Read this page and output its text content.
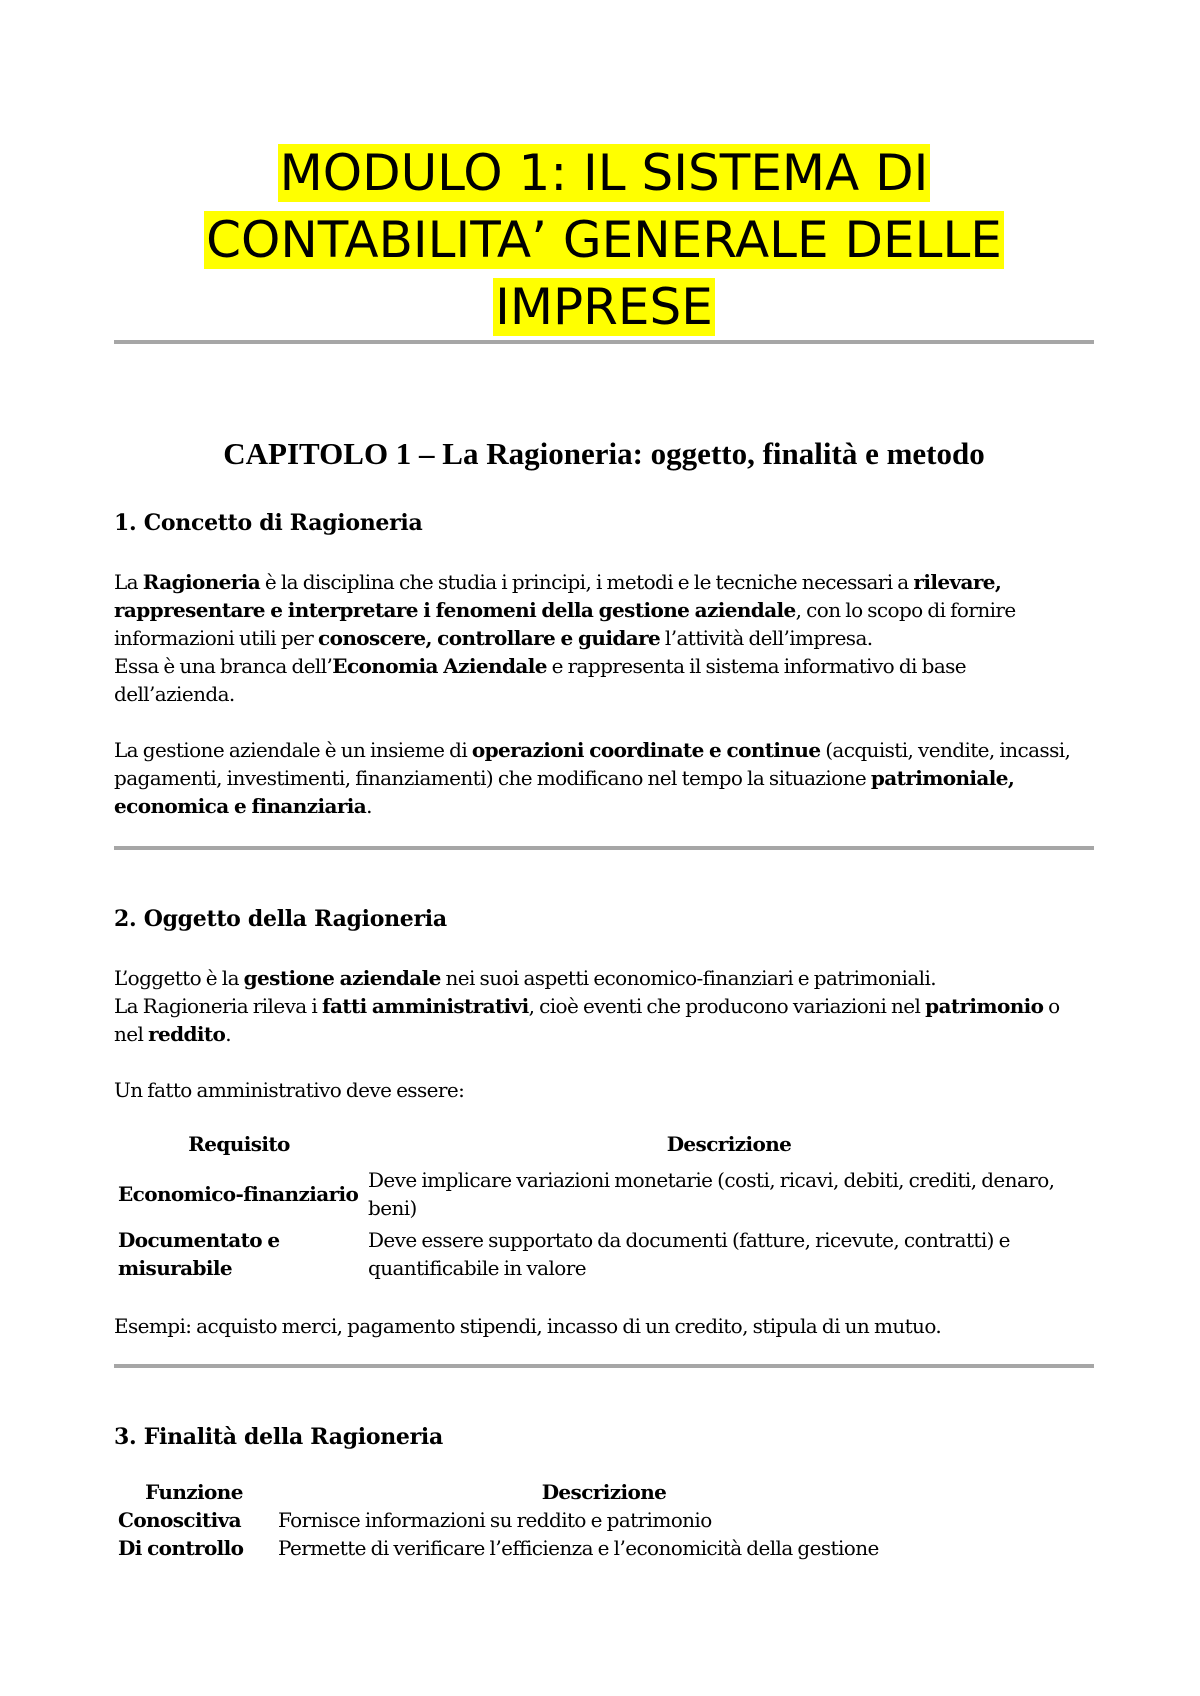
MODULO 1: IL SISTEMA DI
CONTABILITA’ GENERALE DELLE
IMPRESE
CAPITOLO 1 – La Ragioneria: oggetto, finalità e metodo
1. Concetto di Ragioneria

La Ragioneria è la disciplina che studia i principi, i metodi e le tecniche necessari a rilevare,
rappresentare e interpretare i fenomeni della gestione aziendale, con lo scopo di fornire
informazioni utili per conoscere, controllare e guidare l’attività dell’impresa.
Essa è una branca dell’Economia Aziendale e rappresenta il sistema informativo di base
dell’azienda.

La gestione aziendale è un insieme di operazioni coordinate e continue (acquisti, vendite, incassi,
pagamenti, investimenti, finanziamenti) che modificano nel tempo la situazione patrimoniale,
economica e finanziaria.

2. Oggetto della Ragioneria

L’oggetto è la gestione aziendale nei suoi aspetti economico-finanziari e patrimoniali.
La Ragioneria rileva i fatti amministrativi, cioè eventi che producono variazioni nel patrimonio o
nel reddito.

Un fatto amministrativo deve essere:

Requisito	Descrizione
Economico-finanziario	Deve implicare variazioni monetarie (costi, ricavi, debiti, crediti, denaro, beni)
Documentato e misurabile	Deve essere supportato da documenti (fatture, ricevute, contratti) e quantificabile in valore

Esempi: acquisto merci, pagamento stipendi, incasso di un credito, stipula di un mutuo.

3. Finalità della Ragioneria
Funzione	Descrizione
Conoscitiva	Fornisce informazioni su reddito e patrimonio
Di controllo	Permette di verificare l’efficienza e l’economicità della gestione
